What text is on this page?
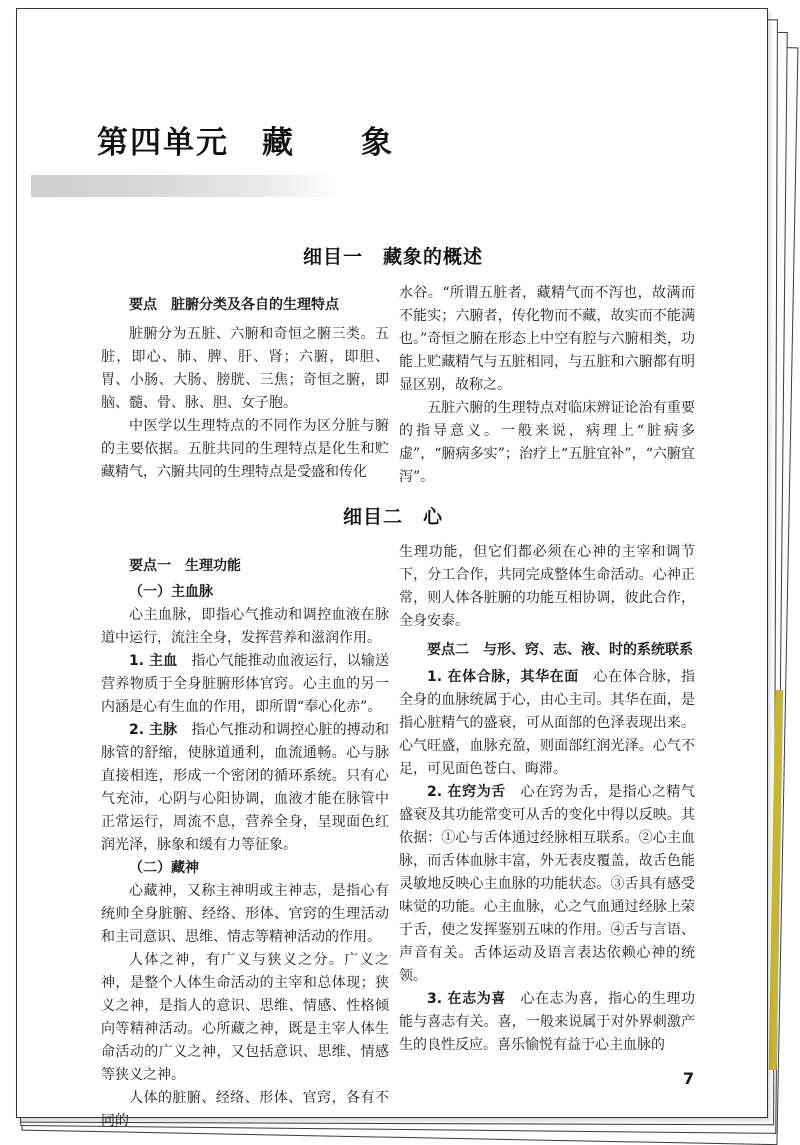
第四单元　藏　　象
细目一　藏象的概述

要点　脏腑分类及各自的生理特点

脏腑分为五脏、六腑和奇恒之腑三类。五脏，即心、肺、脾、肝、肾；六腑，即胆、胃、小肠、大肠、膀胱、三焦；奇恒之腑，即脑、髓、骨、脉、胆、女子胞。

中医学以生理特点的不同作为区分脏与腑的主要依据。五脏共同的生理特点是化生和贮藏精气，六腑共同的生理特点是受盛和传化

水谷。“所谓五脏者，藏精气而不泻也，故满而不能实；六腑者，传化物而不藏，故实而不能满也。”奇恒之腑在形态上中空有腔与六腑相类，功能上贮藏精气与五脏相同，与五脏和六腑都有明显区别，故称之。

五脏六腑的生理特点对临床辨证论治有重要的指导意义。一般来说，病理上“脏病多虚”，“腑病多实”；治疗上“五脏宜补”，“六腑宜泻”。

细目二　心

要点一　生理功能

（一）主血脉

心主血脉，即指心气推动和调控血液在脉道中运行，流注全身，发挥营养和滋润作用。

1. 主血　指心气能推动血液运行，以输送营养物质于全身脏腑形体官窍。心主血的另一内涵是心有生血的作用，即所谓“奉心化赤”。

2. 主脉　指心气推动和调控心脏的搏动和脉管的舒缩，使脉道通利，血流通畅。心与脉直接相连，形成一个密闭的循环系统。只有心气充沛，心阴与心阳协调，血液才能在脉管中正常运行，周流不息，营养全身，呈现面色红润光泽，脉象和缓有力等征象。

（二）藏神

心藏神，又称主神明或主神志，是指心有统帅全身脏腑、经络、形体、官窍的生理活动和主司意识、思维、情志等精神活动的作用。

人体之神，有广义与狭义之分。广义之神，是整个人体生命活动的主宰和总体现；狭义之神，是指人的意识、思维、情感、性格倾向等精神活动。心所藏之神，既是主宰人体生命活动的广义之神，又包括意识、思维、情感等狭义之神。

人体的脏腑、经络、形体、官窍，各有不同的

生理功能，但它们都必须在心神的主宰和调节下，分工合作，共同完成整体生命活动。心神正常，则人体各脏腑的功能互相协调，彼此合作，全身安泰。

要点二　与形、窍、志、液、时的系统联系

1. 在体合脉，其华在面　心在体合脉，指全身的血脉统属于心，由心主司。其华在面，是指心脏精气的盛衰，可从面部的色泽表现出来。心气旺盛，血脉充盈，则面部红润光泽。心气不足，可见面色苍白、晦滞。

2. 在窍为舌　心在窍为舌，是指心之精气盛衰及其功能常变可从舌的变化中得以反映。其依据：①心与舌体通过经脉相互联系。②心主血脉，而舌体血脉丰富，外无表皮覆盖，故舌色能灵敏地反映心主血脉的功能状态。③舌具有感受味觉的功能。心主血脉，心之气血通过经脉上荣于舌，使之发挥鉴别五味的作用。④舌与言语、声音有关。舌体运动及语言表达依赖心神的统领。

3. 在志为喜　心在志为喜，指心的生理功能与喜志有关。喜，一般来说属于对外界刺激产生的良性反应。喜乐愉悦有益于心主血脉的

7
